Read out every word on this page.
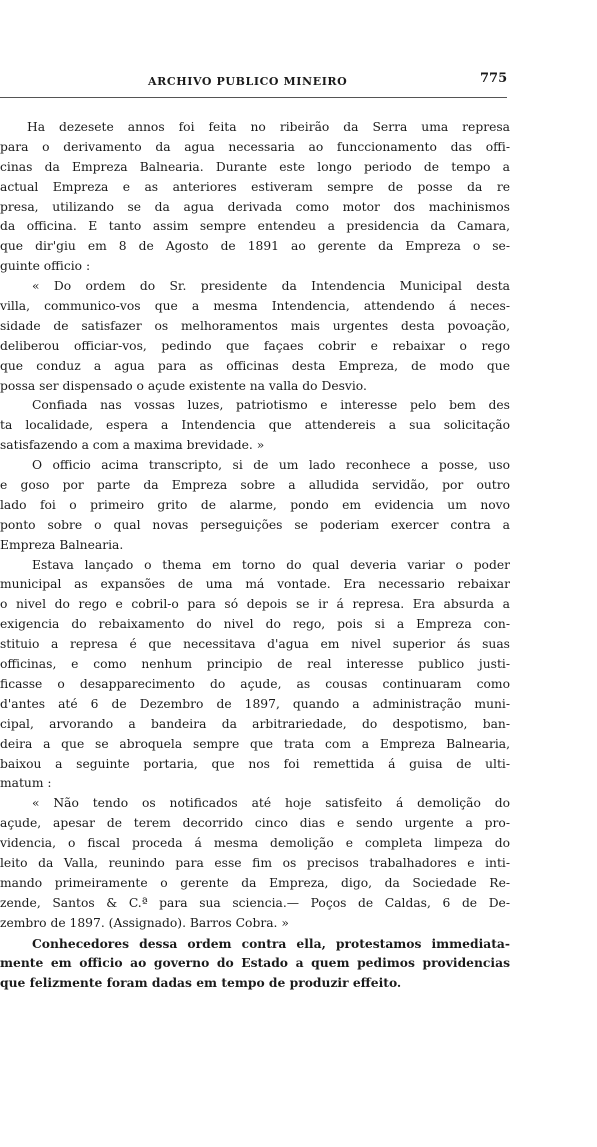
ARCHIVO PUBLICO MINEIRO	775
Ha dezesete annos foi feita no ribeirão da Serra uma represa
para o derivamento da agua necessaria ao funccionamento das offi-
cinas da Empreza Balnearia. Durante este longo periodo de tempo a
actual Empreza e as anteriores estiveram sempre de posse da re
presa, utilizando se da agua derivada como motor dos machinismos
da officina. E tanto assim sempre entendeu a presidencia da Camara,
que dir'giu em 8 de Agosto de 1891 ao gerente da Empreza o se-
guinte officio :
« Do ordem do Sr. presidente da Intendencia Municipal desta
villa, communico-vos que a mesma Intendencia, attendendo á neces-
sidade de satisfazer os melhoramentos mais urgentes desta povoação,
deliberou officiar-vos, pedindo que façaes cobrir e rebaixar o rego
que conduz a agua para as officinas desta Empreza, de modo que
possa ser dispensado o açude existente na valla do Desvio.
Confiada nas vossas luzes, patriotismo e interesse pelo bem des
ta localidade, espera a Intendencia que attendereis a sua solicitação
satisfazendo a com a maxima brevidade. »
O officio acima transcripto, si de um lado reconhece a posse, uso
e goso por parte da Empreza sobre a alludida servidão, por outro
lado foi o primeiro grito de alarme, pondo em evidencia um novo
ponto sobre o qual novas perseguições se poderiam exercer contra a
Empreza Balnearia.
Estava lançado o thema em torno do qual deveria variar o poder
municipal as expansões de uma má vontade. Era necessario rebaixar
o nivel do rego e cobril-o para só depois se ir á represa. Era absurda a
exigencia do rebaixamento do nivel do rego, pois si a Empreza con-
stituio a represa é que necessitava d'agua em nivel superior ás suas
officinas, e como nenhum principio de real interesse publico justi-
ficasse o desapparecimento do açude, as cousas continuaram como
d'antes até 6 de Dezembro de 1897, quando a administração muni-
cipal, arvorando a bandeira da arbitrariedade, do despotismo, ban-
deira a que se abroquela sempre que trata com a Empreza Balnearia,
baixou a seguinte portaria, que nos foi remettida á guisa de ulti-
matum :
« Não tendo os notificados até hoje satisfeito á demolição do
açude, apesar de terem decorrido cinco dias e sendo urgente a pro-
videncia, o fiscal proceda á mesma demolição e completa limpeza do
leito da Valla, reunindo para esse fim os precisos trabalhadores e inti-
mando primeiramente o gerente da Empreza, digo, da Sociedade Re-
zende, Santos & C.ª para sua sciencia.— Poços de Caldas, 6 de De-
zembro de 1897. (Assignado). Barros Cobra. »
Conhecedores dessa ordem contra ella, protestamos immediata-
mente em officio ao governo do Estado a quem pedimos providencias
que felizmente foram dadas em tempo de produzir effeito.
